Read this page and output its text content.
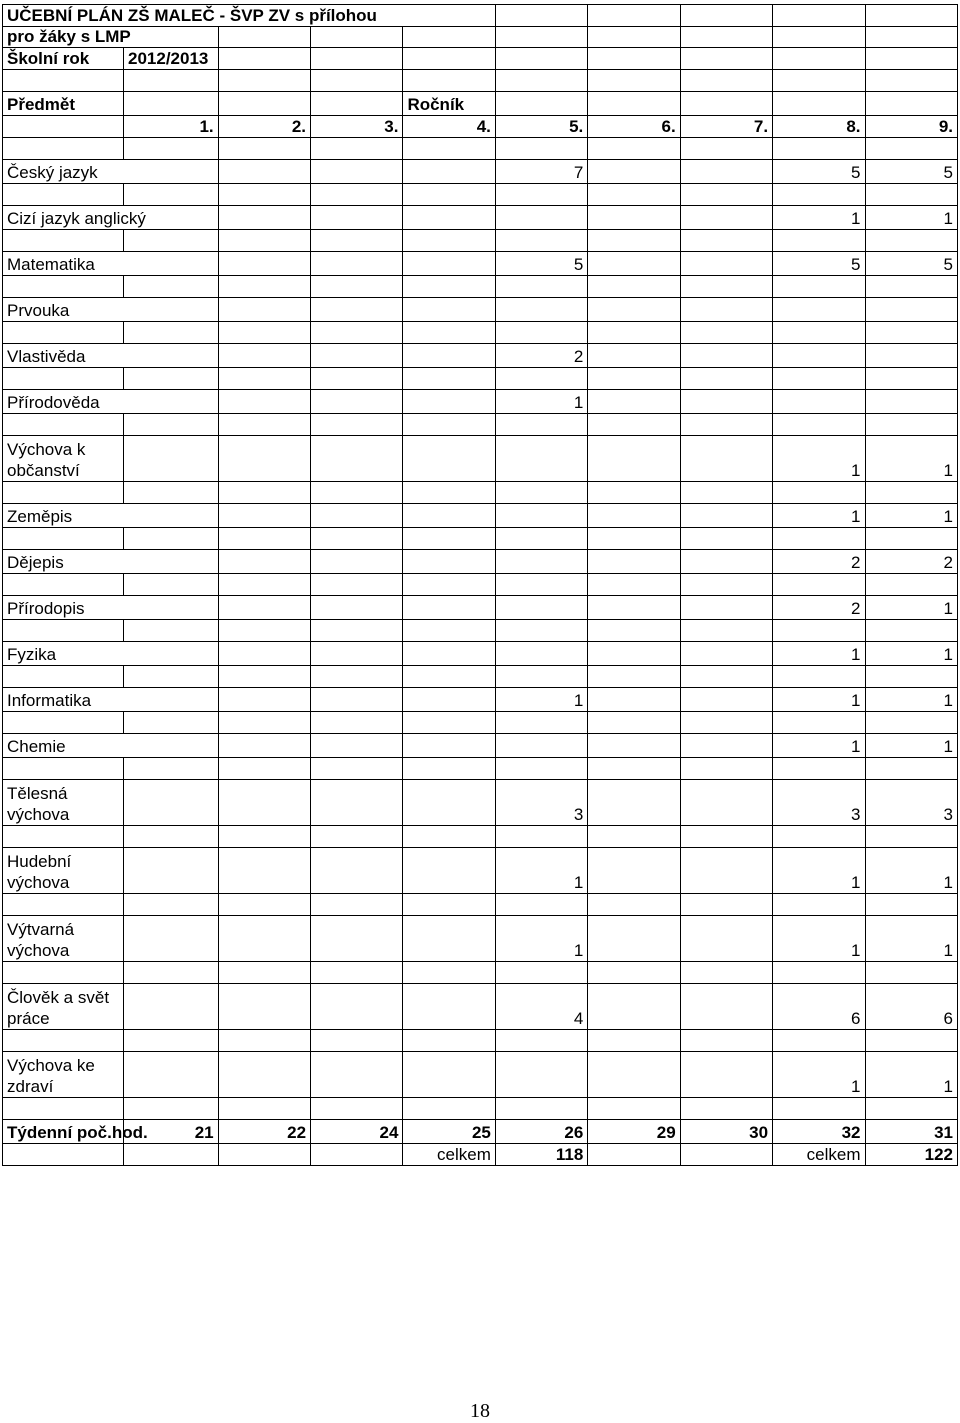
UČEBNÍ PLÁN ZŠ MALEČ - ŠVP ZV s přílohou									
pro žáky s LMP									
Školní rok	2012/2013								

Předmět				Ročník					
	1.	2.	3.	4.	5.	6.	7.	8.	9.

Český jazyk					7			5	5

Cizí jazyk anglický								1	1

Matematika					5			5	5

Prvouka									

Vlastivěda					2				

Přírodověda					1				

Výchova k občanství								1	1

Zeměpis								1	1

Dějepis								2	2

Přírodopis								2	1

Fyzika								1	1

Informatika					1			1	1

Chemie								1	1

Tělesná výchova					3			3	3

Hudební výchova					1			1	1

Výtvarná výchova					1			1	1

Člověk a svět práce					4			6	6

Výchova ke zdraví								1	1

Týdenní poč.hod.	21	22	24	25	26	29	30	32	31
				celkem	118			celkem	122
18
